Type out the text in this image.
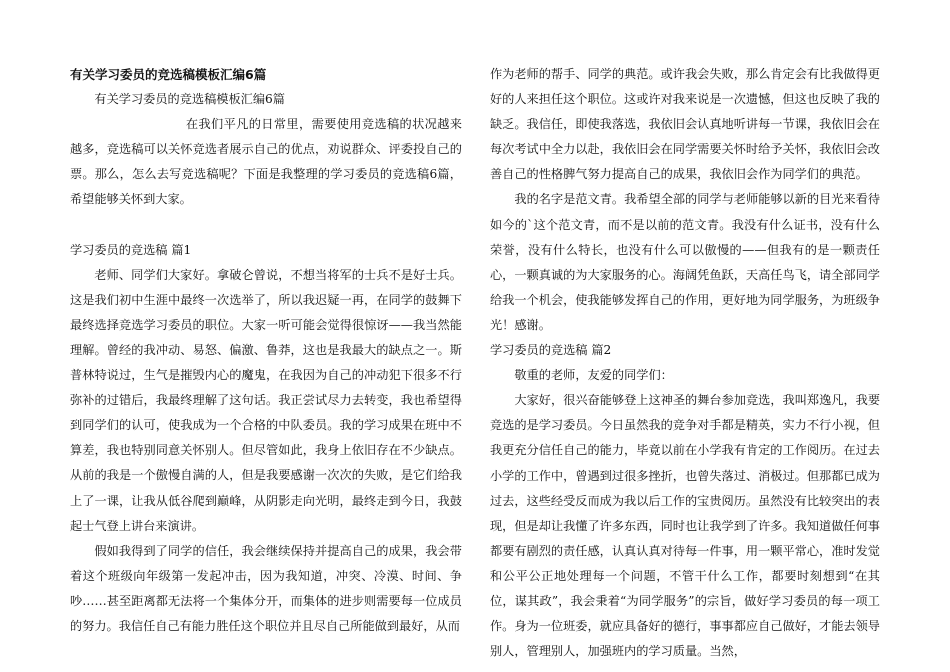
有关学习委员的竞选稿模板汇编6篇

有关学习委员的竞选稿模板汇编6篇

在我们平凡的日常里，需要使用竞选稿的状况越来越多，竞选稿可以关怀竞选者展示自己的优点，劝说群众、评委投自己的票。那么，怎么去写竞选稿呢？下面是我整理的学习委员的竞选稿6篇，希望能够关怀到大家。

学习委员的竞选稿 篇1

老师、同学们大家好。拿破仑曾说，不想当将军的士兵不是好士兵。这是我们初中生涯中最终一次选举了，所以我迟疑一再，在同学的鼓舞下最终选择竞选学习委员的职位。大家一听可能会觉得很惊讶——我当然能理解。曾经的我冲动、易怒、偏激、鲁莽，这也是我最大的缺点之一。斯普林特说过，生气是摧毁内心的魔鬼，在我因为自己的冲动犯下很多不行弥补的过错后，我最终理解了这句话。我正尝试尽力去转变，我也希望得到同学们的认可，使我成为一个合格的中队委员。我的学习成果在班中不算差，我也特别同意关怀别人。但尽管如此，我身上依旧存在不少缺点。从前的我是一个傲慢自满的人，但是我要感谢一次次的失败，是它们给我上了一课，让我从低谷爬到巅峰，从阴影走向光明，最终走到今日，我鼓起士气登上讲台来演讲。

假如我得到了同学的信任，我会继续保持并提高自己的成果，我会带着这个班级向年级第一发起冲击，因为我知道，冲突、冷漠、时间、争吵……甚至距离都无法将一个集体分开，而集体的进步则需要每一位成员的努力。我信任自己有能力胜任这个职位并且尽自己所能做到最好，从而

作为老师的帮手、同学的典范。或许我会失败，那么肯定会有比我做得更好的人来担任这个职位。这或许对我来说是一次遗憾，但这也反映了我的缺乏。我信任，即使我落选，我依旧会认真地听讲每一节课，我依旧会在每次考试中全力以赴，我依旧会在同学需要关怀时给予关怀，我依旧会改善自己的性格脾气努力提高自己的成果，我依旧会作为同学们的典范。

我的名字是范文青。我希望全部的同学与老师能够以新的目光来看待如今的`这个范文青，而不是以前的范文青。我没有什么证书，没有什么荣誉，没有什么特长，也没有什么可以傲慢的——但我有的是一颗责任心，一颗真诚的为大家服务的心。海阔凭鱼跃，天高任鸟飞，请全部同学给我一个机会，使我能够发挥自己的作用，更好地为同学服务，为班级争光！感谢。

学习委员的竞选稿 篇2

敬重的老师，友爱的同学们：

大家好，很兴奋能够登上这神圣的舞台参加竞选，我叫郑逸凡，我要竞选的是学习委员。今日虽然我的竞争对手都是精英，实力不行小视，但我更充分信任自己的能力，毕竟以前在小学我有肯定的工作阅历。在过去小学的工作中，曾遇到过很多挫折，也曾失落过、消极过。但那都已成为过去，这些经受反而成为我以后工作的宝贵阅历。虽然没有比较突出的表现，但是却让我懂了许多东西，同时也让我学到了许多。我知道做任何事都要有剧烈的责任感，认真认真对待每一件事，用一颗平常心，准时发觉和公平公正地处理每一个问题，不管干什么工作，都要时刻想到“在其位，谋其政”，我会秉着“为同学服务”的宗旨，做好学习委员的每一项工作。身为一位班委，就应具备好的德行，事事都应自己做好，才能去领导别人，管理别人，加强班内的学习质量。当然，
